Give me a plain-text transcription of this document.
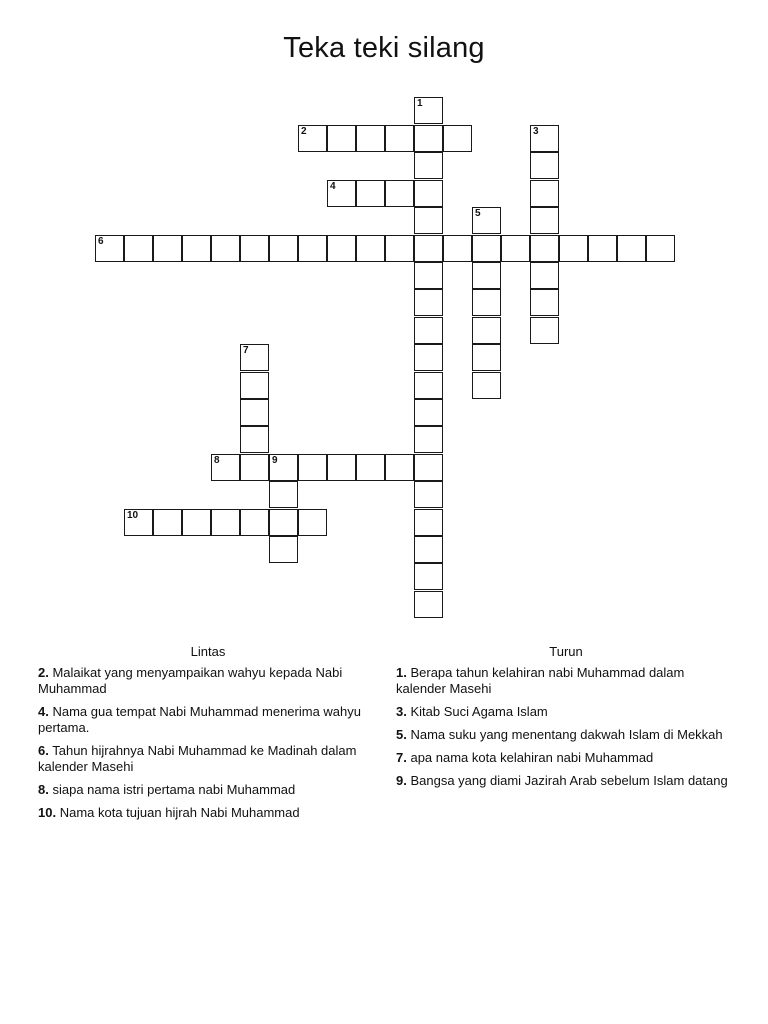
Teka teki silang
2
1
3
4
5
6
7
8	9
10
Lintas
2. Malaikat yang menyampaikan wahyu kepada Nabi Muhammad
4. Nama gua tempat Nabi Muhammad menerima wahyu pertama.
6. Tahun hijrahnya Nabi Muhammad ke Madinah dalam kalender Masehi
8. siapa nama istri pertama nabi Muhammad
10. Nama kota tujuan hijrah Nabi Muhammad
Turun
1. Berapa tahun kelahiran nabi Muhammad dalam kalender Masehi
3. Kitab Suci Agama Islam
5. Nama suku yang menentang dakwah Islam di Mekkah
7. apa nama kota kelahiran nabi Muhammad
9. Bangsa yang diami Jazirah Arab sebelum Islam datang
